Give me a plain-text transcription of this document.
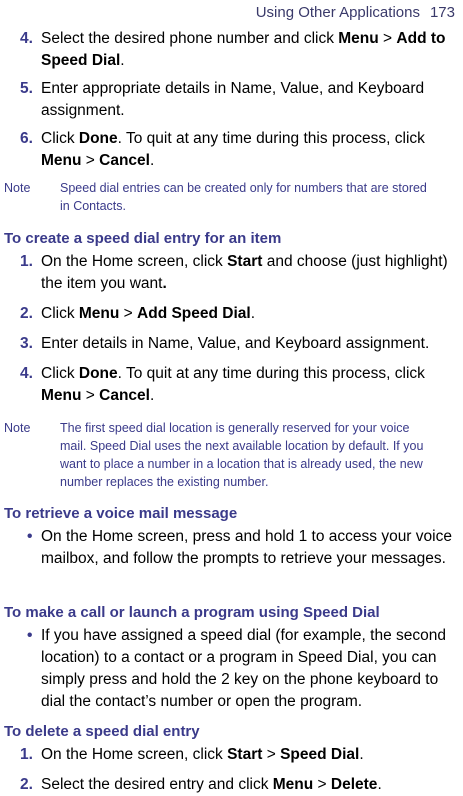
Using Other Applications 173
4. Select the desired phone number and click Menu > Add to Speed Dial.
5. Enter appropriate details in Name, Value, and Keyboard assignment.
6. Click Done. To quit at any time during this process, click Menu > Cancel.
Note Speed dial entries can be created only for numbers that are stored in Contacts.
To create a speed dial entry for an item
1. On the Home screen, click Start and choose (just highlight) the item you want.
2. Click Menu > Add Speed Dial.
3. Enter details in Name, Value, and Keyboard assignment.
4. Click Done. To quit at any time during this process, click Menu > Cancel.
Note The first speed dial location is generally reserved for your voice mail. Speed Dial uses the next available location by default. If you want to place a number in a location that is already used, the new number replaces the existing number.
To retrieve a voice mail message
• On the Home screen, press and hold 1 to access your voice mailbox, and follow the prompts to retrieve your messages.
To make a call or launch a program using Speed Dial
• If you have assigned a speed dial (for example, the second location) to a contact or a program in Speed Dial, you can simply press and hold the 2 key on the phone keyboard to dial the contact’s number or open the program.
To delete a speed dial entry
1. On the Home screen, click Start > Speed Dial.
2. Select the desired entry and click Menu > Delete.
